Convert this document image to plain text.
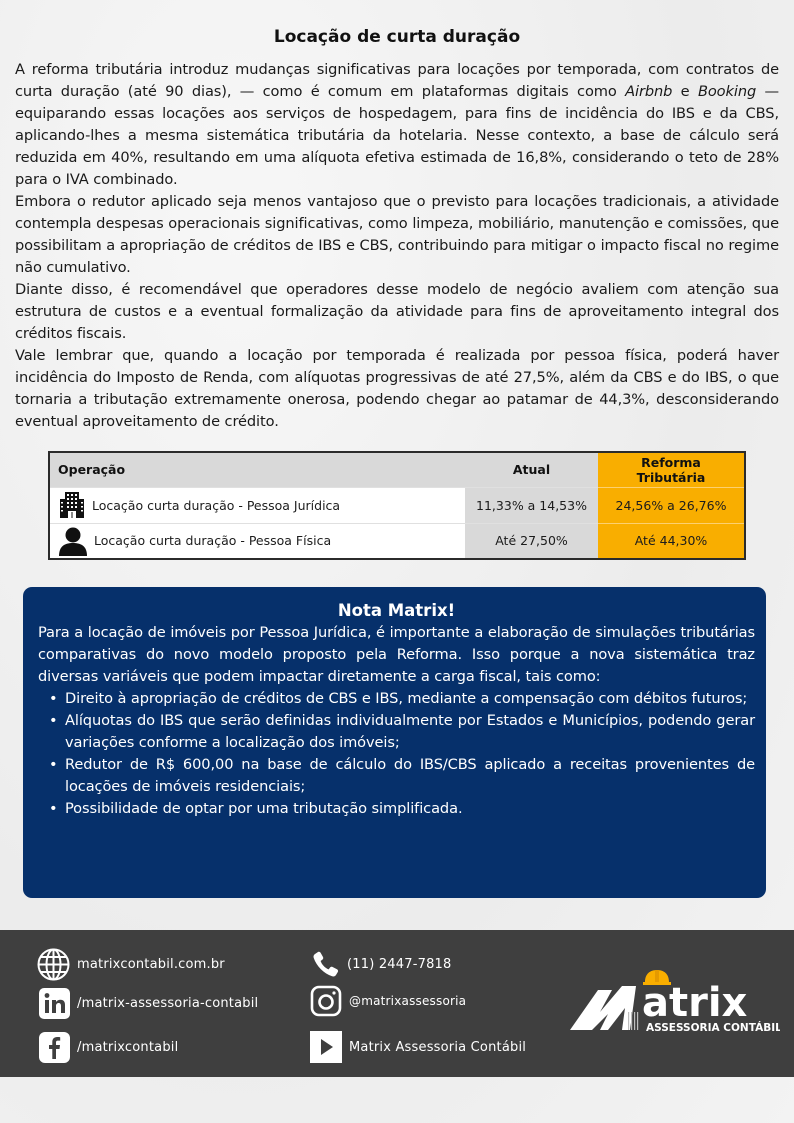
Locação de curta duração

A reforma tributária introduz mudanças significativas para locações por temporada, com contratos de curta duração (até 90 dias), — como é comum em plataformas digitais como Airbnb e Booking — equiparando essas locações aos serviços de hospedagem, para fins de incidência do IBS e da CBS, aplicando-lhes a mesma sistemática tributária da hotelaria. Nesse contexto, a base de cálculo será reduzida em 40%, resultando em uma alíquota efetiva estimada de 16,8%, considerando o teto de 28% para o IVA combinado.

Embora o redutor aplicado seja menos vantajoso que o previsto para locações tradicionais, a atividade contempla despesas operacionais significativas, como limpeza, mobiliário, manutenção e comissões, que possibilitam a apropriação de créditos de IBS e CBS, contribuindo para mitigar o impacto fiscal no regime não cumulativo.

Diante disso, é recomendável que operadores desse modelo de negócio avaliem com atenção sua estrutura de custos e a eventual formalização da atividade para fins de aproveitamento integral dos créditos fiscais.

Vale lembrar que, quando a locação por temporada é realizada por pessoa física, poderá haver incidência do Imposto de Renda, com alíquotas progressivas de até 27,5%, além da CBS e do IBS, o que tornaria a tributação extremamente onerosa, podendo chegar ao patamar de 44,3%, desconsiderando eventual aproveitamento de crédito.

Operação	Atual	Reforma Tributária

Locação curta duração - Pessoa Jurídica	11,33% a 14,53%	24,56% a 26,76%

Locação curta duração - Pessoa Física	Até 27,50%	Até 44,30%
Nota Matrix!
Para a locação de imóveis por Pessoa Jurídica, é importante a elaboração de simulações tributárias comparativas do novo modelo proposto pela Reforma. Isso porque a nova sistemática traz diversas variáveis que podem impactar diretamente a carga fiscal, tais como:
• Direito à apropriação de créditos de CBS e IBS, mediante a compensação com débitos futuros;
• Alíquotas do IBS que serão definidas individualmente por Estados e Municípios, podendo gerar variações conforme a localização dos imóveis;
• Redutor de R$ 600,00 na base de cálculo do IBS/CBS aplicado a receitas provenientes de locações de imóveis residenciais;
• Possibilidade de optar por uma tributação simplificada.
matrixcontabil.com.br
/matrix-assessoria-contabil
/matrixcontabil
(11) 2447-7818
@matrixassessoria
Matrix Assessoria Contábil
atrix
ASSESSORIA CONTÁBIL
